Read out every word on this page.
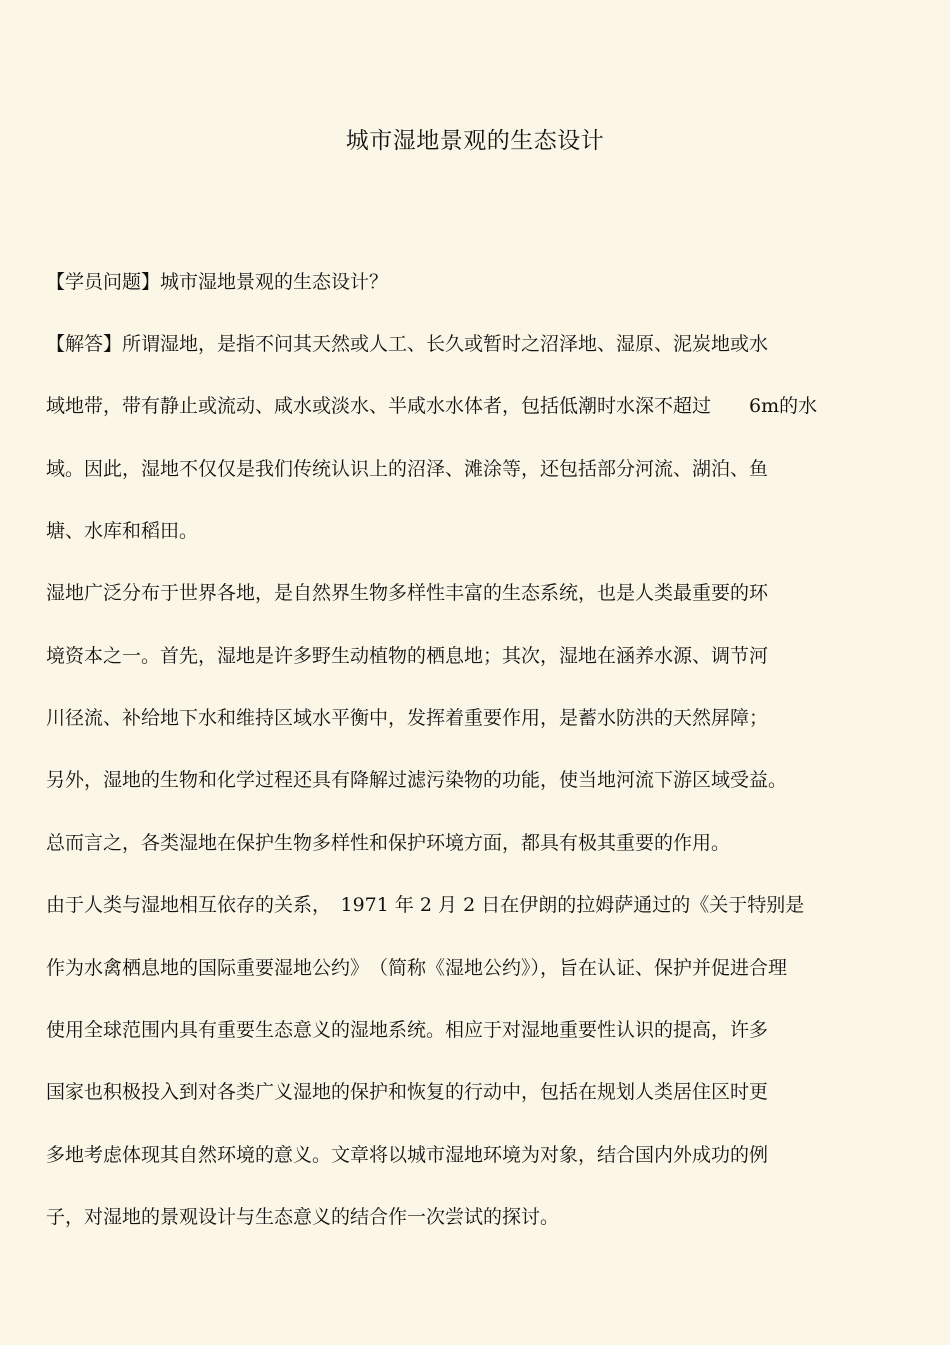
城市湿地景观的生态设计
【学员问题】城市湿地景观的生态设计？
【解答】所谓湿地，是指不问其天然或人工、长久或暂时之沼泽地、湿原、泥炭地或水
域地带，带有静止或流动、咸水或淡水、半咸水水体者，包括低潮时水深不超过　　6m的水
域。因此，湿地不仅仅是我们传统认识上的沼泽、滩涂等，还包括部分河流、湖泊、鱼
塘、水库和稻田。
湿地广泛分布于世界各地，是自然界生物多样性丰富的生态系统，也是人类最重要的环
境资本之一。首先，湿地是许多野生动植物的栖息地；其次，湿地在涵养水源、调节河
川径流、补给地下水和维持区域水平衡中，发挥着重要作用，是蓄水防洪的天然屏障；
另外，湿地的生物和化学过程还具有降解过滤污染物的功能，使当地河流下游区域受益。
总而言之，各类湿地在保护生物多样性和保护环境方面，都具有极其重要的作用。
由于人类与湿地相互依存的关系，　1971 年 2 月 2 日在伊朗的拉姆萨通过的《关于特别是
作为水禽栖息地的国际重要湿地公约》　（简称《湿地公约》），旨在认证、保护并促进合理
使用全球范围内具有重要生态意义的湿地系统。相应于对湿地重要性认识的提高，许多
国家也积极投入到对各类广义湿地的保护和恢复的行动中，包括在规划人类居住区时更
多地考虑体现其自然环境的意义。文章将以城市湿地环境为对象，结合国内外成功的例
子，对湿地的景观设计与生态意义的结合作一次尝试的探讨。
